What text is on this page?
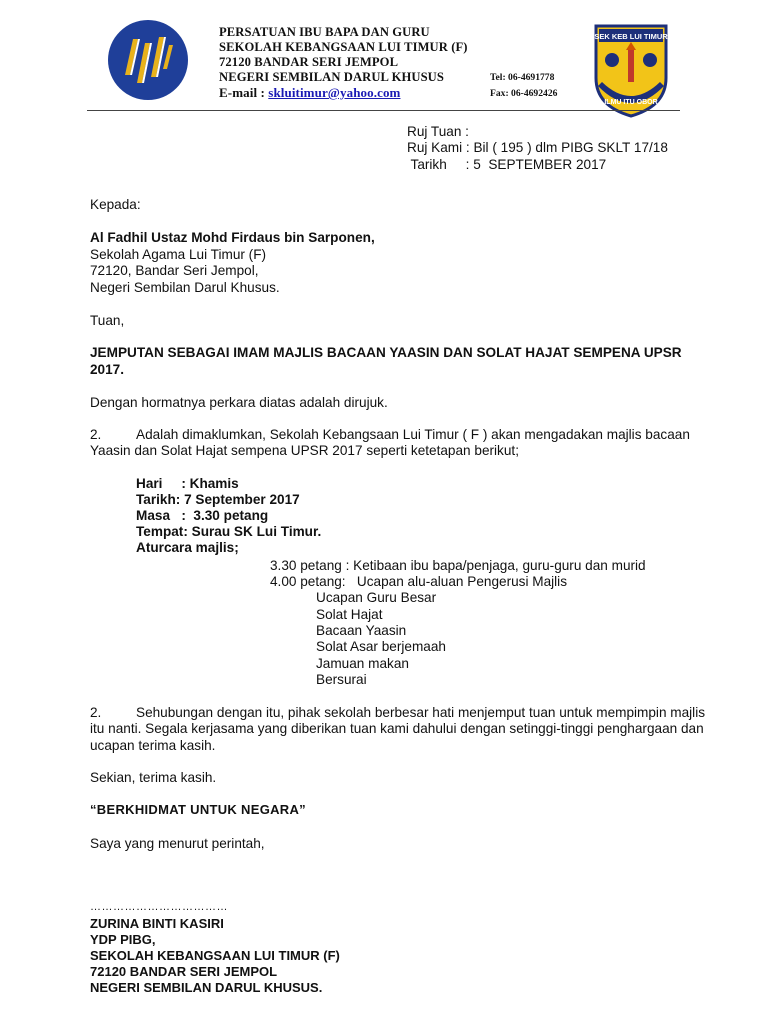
PERSATUAN IBU BAPA DAN GURU
SEKOLAH KEBANGSAAN LUI TIMUR (F)
72120 BANDAR SERI JEMPOL
NEGERI SEMBILAN DARUL KHUSUS
E-mail : skluitimur@yahoo.com
Tel: 06-4691778
Fax: 06-4692426
SEK KEB LUI TIMUR
ILMU ITU OBOR
Ruj Tuan :
Ruj Kami : Bil ( 195 ) dlm PIBG SKLT 17/18
Tarikh     : 5  SEPTEMBER 2017
Kepada:
Al Fadhil Ustaz Mohd Firdaus bin Sarponen,
Sekolah Agama Lui Timur (F)
72120, Bandar Seri Jempol,
Negeri Sembilan Darul Khusus.
Tuan,
JEMPUTAN SEBAGAI IMAM MAJLIS BACAAN YAASIN DAN SOLAT HAJAT SEMPENA UPSR 2017.
Dengan hormatnya perkara diatas adalah dirujuk.
2.	Adalah dimaklumkan, Sekolah Kebangsaan Lui Timur ( F ) akan mengadakan majlis bacaan
Yaasin dan Solat Hajat sempena UPSR 2017 seperti ketetapan berikut;
Hari     : Khamis
Tarikh: 7 September 2017
Masa   :  3.30 petang
Tempat: Surau SK Lui Timur.
Aturcara majlis;
3.30 petang : Ketibaan ibu bapa/penjaga, guru-guru dan murid
4.00 petang:   Ucapan alu-aluan Pengerusi Majlis
Ucapan Guru Besar
Solat Hajat
Bacaan Yaasin
Solat Asar berjemaah
Jamuan makan
Bersurai
2.	Sehubungan dengan itu, pihak sekolah berbesar hati menjemput tuan untuk mempimpin majlis
itu nanti. Segala kerjasama yang diberikan tuan kami dahului dengan setinggi-tinggi penghargaan dan
ucapan terima kasih.
Sekian, terima kasih.
“BERKHIDMAT UNTUK NEGARA”
Saya yang menurut perintah,
………………………………
ZURINA BINTI KASIRI
YDP PIBG,
SEKOLAH KEBANGSAAN LUI TIMUR (F)
72120 BANDAR SERI JEMPOL
NEGERI SEMBILAN DARUL KHUSUS.
